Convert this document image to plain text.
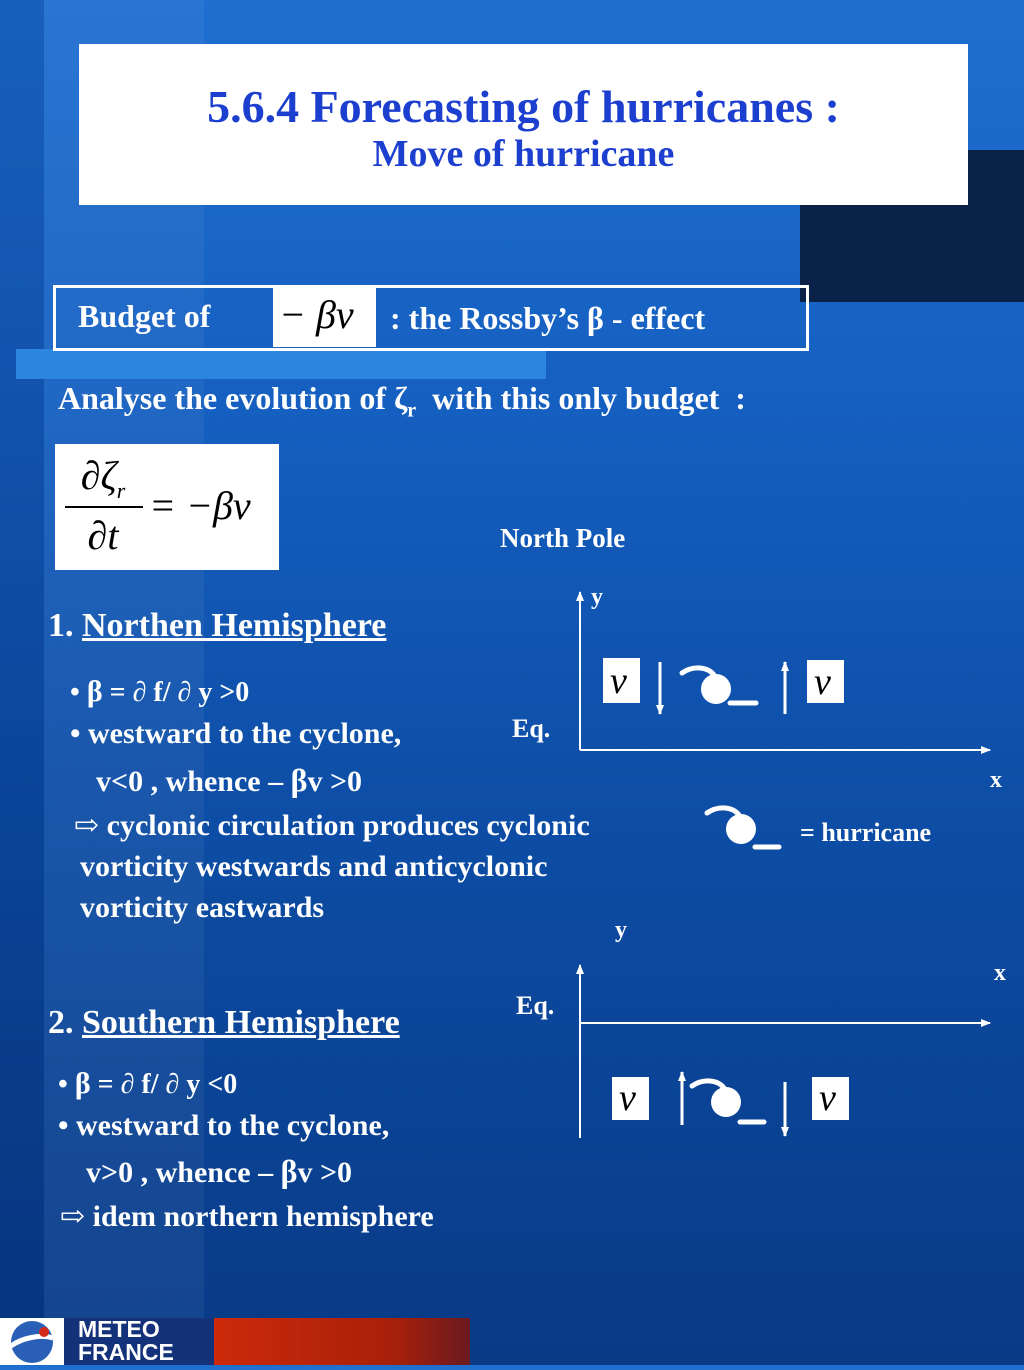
5.6.4 Forecasting of hurricanes :
Move of hurricane
Budget of − βv : the Rossby’s β - effect
Analyse the evolution of $\zeta_r$  with this only budget  :
$\partial\zeta_r$
∂t
= −βv
North Pole
1. Northen Hemisphere
• β = ∂ f/ ∂ y >0
• westward to the cyclone,
v<0 , whence – βv >0
⇨ cyclonic circulation produces cyclonic
vorticity westwards and anticyclonic
vorticity eastwards
2. Southern Hemisphere
• β = ∂ f/ ∂ y <0
• westward to the cyclone,
v>0 , whence – βv >0
⇨ idem northern hemisphere
y
x
Eq.
v	v
= hurricane
y
x
Eq.
v	v
METEO
FRANCE
